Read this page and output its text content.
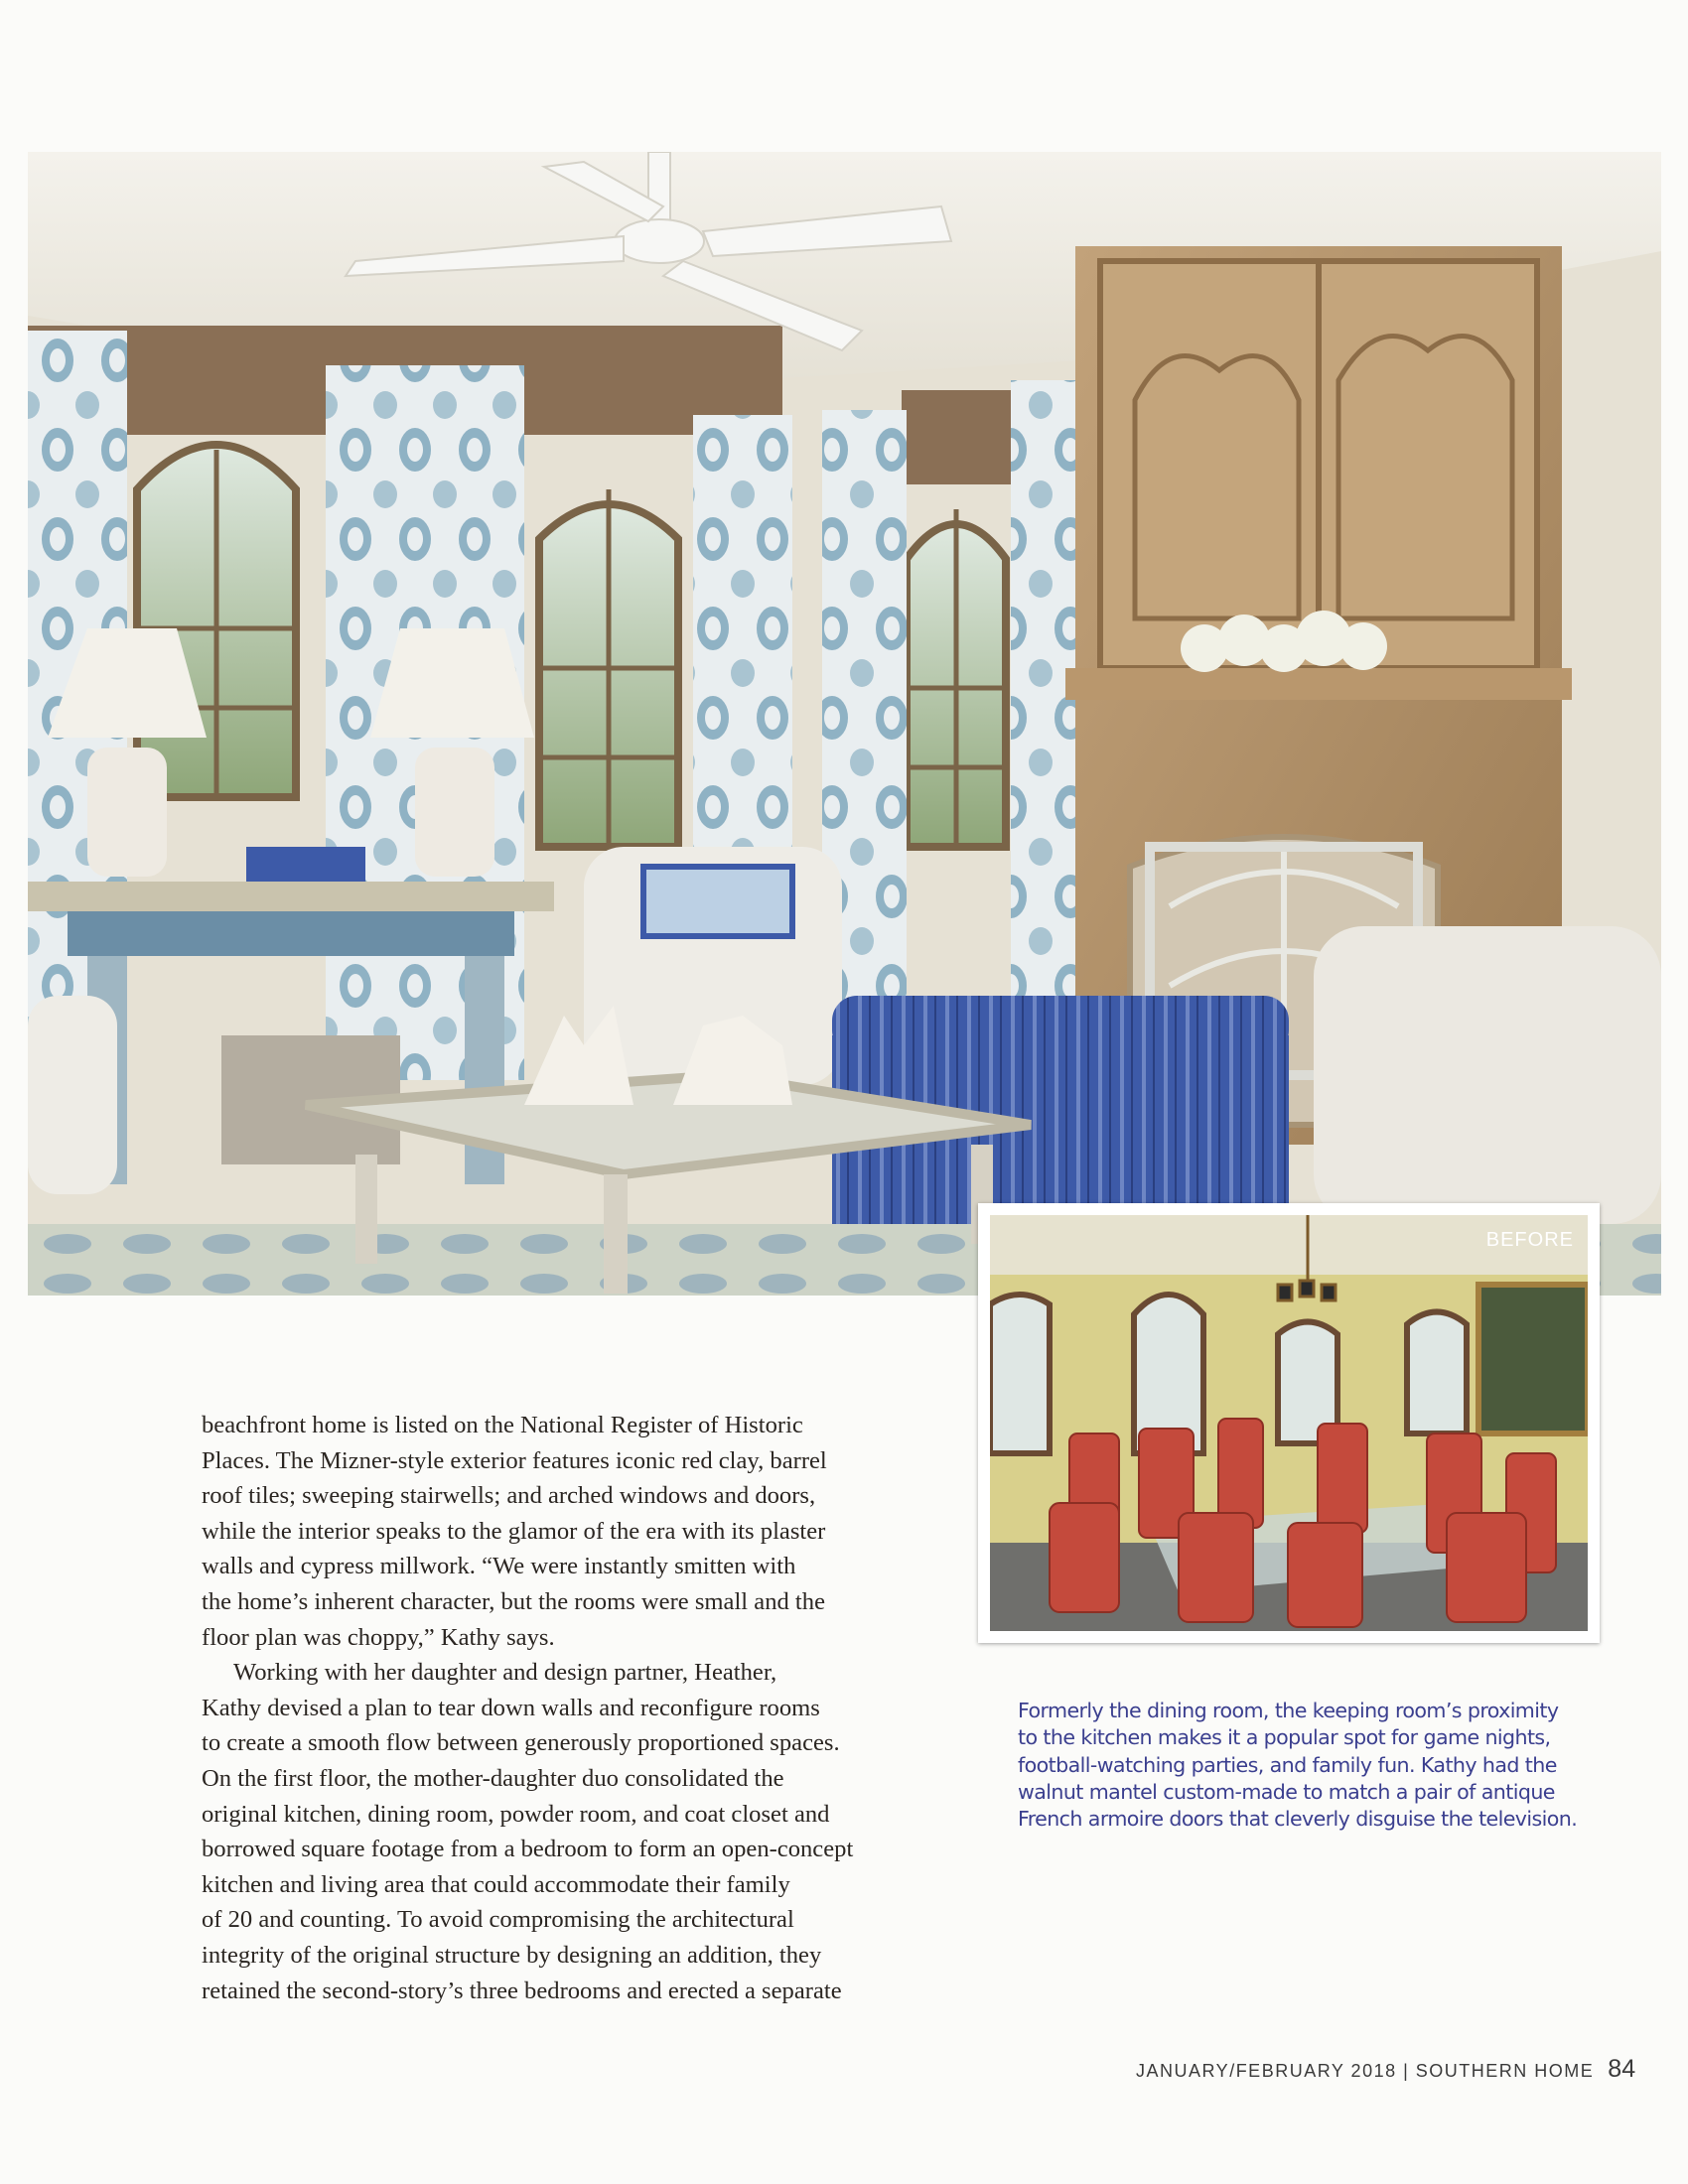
BEFORE

beachfront home is listed on the National Register of Historic
Places. The Mizner-style exterior features iconic red clay, barrel
roof tiles; sweeping stairwells; and arched windows and doors,
while the interior speaks to the glamor of the era with its plaster
walls and cypress millwork. “We were instantly smitten with
the home’s inherent character, but the rooms were small and the
floor plan was choppy,” Kathy says.

Working with her daughter and design partner, Heather,
Kathy devised a plan to tear down walls and reconfigure rooms
to create a smooth flow between generously proportioned spaces.
On the first floor, the mother-daughter duo consolidated the
original kitchen, dining room, powder room, and coat closet and
borrowed square footage from a bedroom to form an open-concept
kitchen and living area that could accommodate their family
of 20 and counting. To avoid compromising the architectural
integrity of the original structure by designing an addition, they
retained the second-story’s three bedrooms and erected a separate

Formerly the dining room, the keeping room’s proximity
to the kitchen makes it a popular spot for game nights,
football-watching parties, and family fun. Kathy had the
walnut mantel custom-made to match a pair of antique
French armoire doors that cleverly disguise the television.
JANUARY/FEBRUARY 2018 | SOUTHERN HOME 84
